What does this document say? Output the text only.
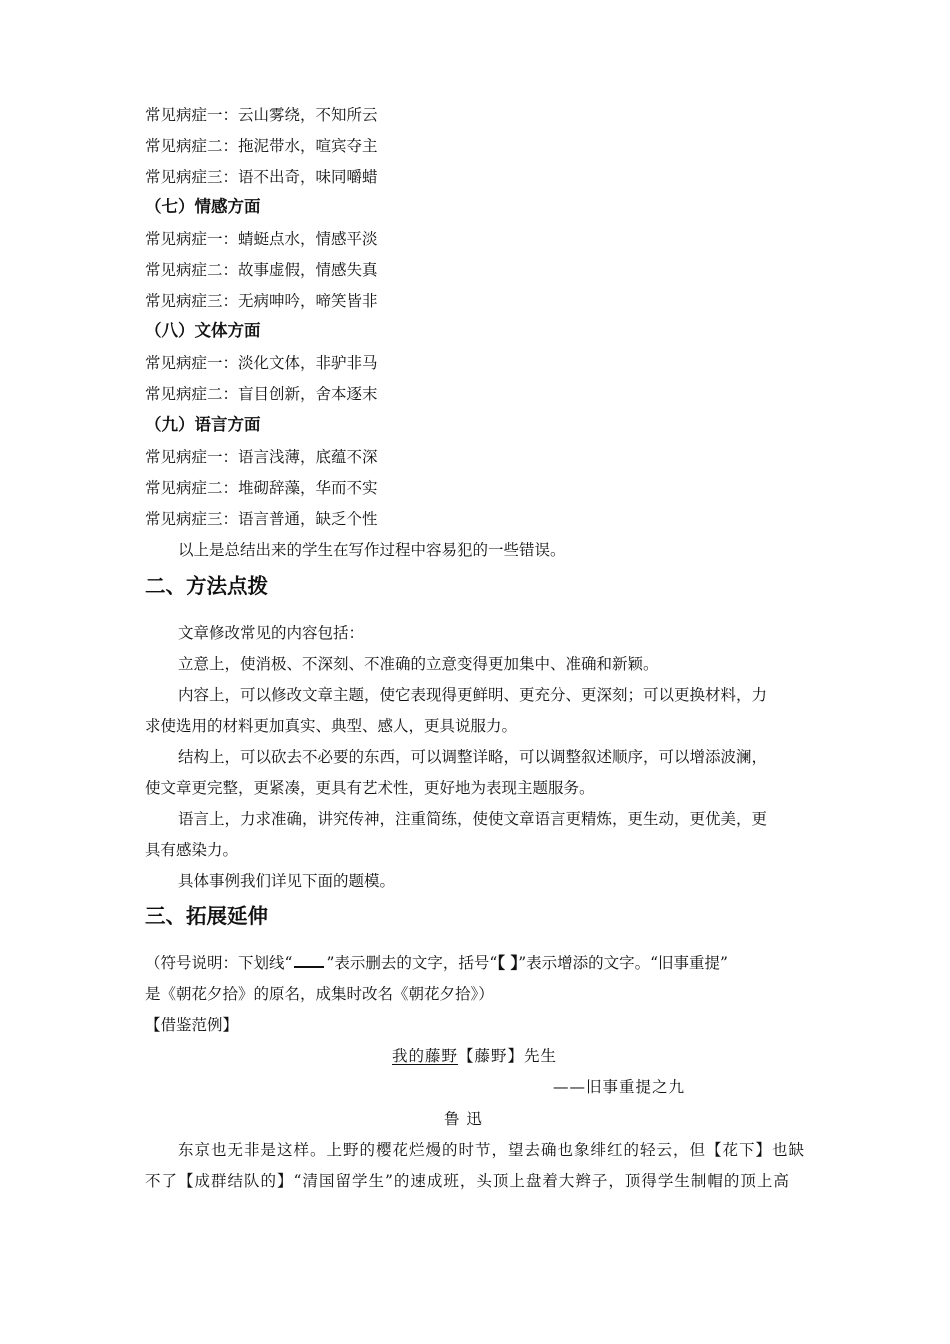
常见病症一：云山雾绕，不知所云
常见病症二：拖泥带水，喧宾夺主
常见病症三：语不出奇，味同嚼蜡
（七）情感方面
常见病症一：蜻蜓点水，情感平淡
常见病症二：故事虚假，情感失真
常见病症三：无病呻吟，啼笑皆非
（八）文体方面
常见病症一：淡化文体，非驴非马
常见病症二：盲目创新，舍本逐末
（九）语言方面
常见病症一：语言浅薄，底蕴不深
常见病症二：堆砌辞藻，华而不实
常见病症三：语言普通，缺乏个性
以上是总结出来的学生在写作过程中容易犯的一些错误。
二、方法点拨
文章修改常见的内容包括：
立意上，使消极、不深刻、不准确的立意变得更加集中、准确和新颖。
内容上，可以修改文章主题，使它表现得更鲜明、更充分、更深刻；可以更换材料，力
求使选用的材料更加真实、典型、感人，更具说服力。
结构上，可以砍去不必要的东西，可以调整详略，可以调整叙述顺序，可以增添波澜，
使文章更完整，更紧凑，更具有艺术性，更好地为表现主题服务。
语言上，力求准确，讲究传神，注重简练，使使文章语言更精炼，更生动，更优美，更
具有感染力。
具体事例我们详见下面的题模。
三、拓展延伸
（符号说明：下划线“ ”表示删去的文字，括号“【 】”表示增添的文字。“旧事重提”
是《朝花夕拾》的原名，成集时改名《朝花夕拾》）
【借鉴范例】
我的藤野【藤野】先生
——旧事重提之九
鲁 迅
东京也无非是这样。上野的樱花烂熳的时节，望去确也象绯红的轻云，但【花下】也缺
不了【成群结队的】“清国留学生”的速成班，头顶上盘着大辫子，顶得学生制帽的顶上高
